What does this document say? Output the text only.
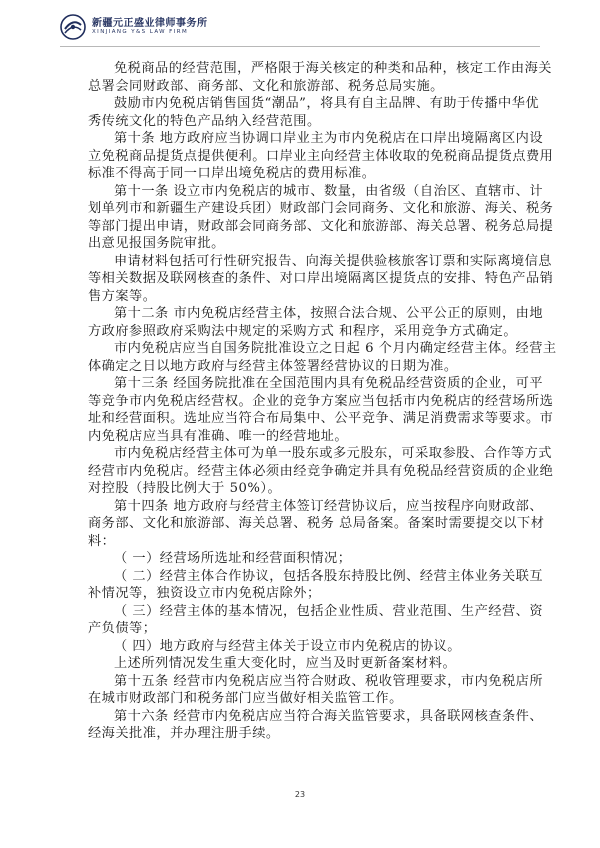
新疆元正盛业律师事务所
XINJIANG Y&S LAW FIRM
免税商品的经营范围，严格限于海关核定的种类和品种，核定工作由海关
总署会同财政部、商务部、文化和旅游部、税务总局实施。
鼓励市内免税店销售国货“潮品”，将具有自主品牌、有助于传播中华优
秀传统文化的特色产品纳入经营范围。
第十条 地方政府应当协调口岸业主为市内免税店在口岸出境隔离区内设
立免税商品提货点提供便利。口岸业主向经营主体收取的免税商品提货点费用
标准不得高于同一口岸出境免税店的费用标准。
第十一条 设立市内免税店的城市、数量，由省级（自治区、直辖市、计
划单列市和新疆生产建设兵团）财政部门会同商务、文化和旅游、海关、税务
等部门提出申请，财政部会同商务部、文化和旅游部、海关总署、税务总局提
出意见报国务院审批。
申请材料包括可行性研究报告、向海关提供验核旅客订票和实际离境信息
等相关数据及联网核查的条件、对口岸出境隔离区提货点的安排、特色产品销
售方案等。
第十二条 市内免税店经营主体，按照合法合规、公平公正的原则，由地
方政府参照政府采购法中规定的采购方式 和程序，采用竞争方式确定。
市内免税店应当自国务院批准设立之日起 6 个月内确定经营主体。经营主
体确定之日以地方政府与经营主体签署经营协议的日期为准。
第十三条 经国务院批准在全国范围内具有免税品经营资质的企业，可平
等竞争市内免税店经营权。企业的竞争方案应当包括市内免税店的经营场所选
址和经营面积。选址应当符合布局集中、公平竞争、满足消费需求等要求。市
内免税店应当具有准确、唯一的经营地址。
市内免税店经营主体可为单一股东或多元股东，可采取参股、合作等方式
经营市内免税店。经营主体必须由经竞争确定并具有免税品经营资质的企业绝
对控股（持股比例大于 50%）。
第十四条 地方政府与经营主体签订经营协议后，应当按程序向财政部、
商务部、文化和旅游部、海关总署、税务 总局备案。备案时需要提交以下材
料：
（ 一）经营场所选址和经营面积情况；
（ 二）经营主体合作协议，包括各股东持股比例、经营主体业务关联互
补情况等，独资设立市内免税店除外；
（ 三）经营主体的基本情况，包括企业性质、营业范围、生产经营、资
产负债等；
（ 四）地方政府与经营主体关于设立市内免税店的协议。
上述所列情况发生重大变化时，应当及时更新备案材料。
第十五条 经营市内免税店应当符合财政、税收管理要求，市内免税店所
在城市财政部门和税务部门应当做好相关监管工作。
第十六条 经营市内免税店应当符合海关监管要求，具备联网核查条件、
经海关批准，并办理注册手续。
23
